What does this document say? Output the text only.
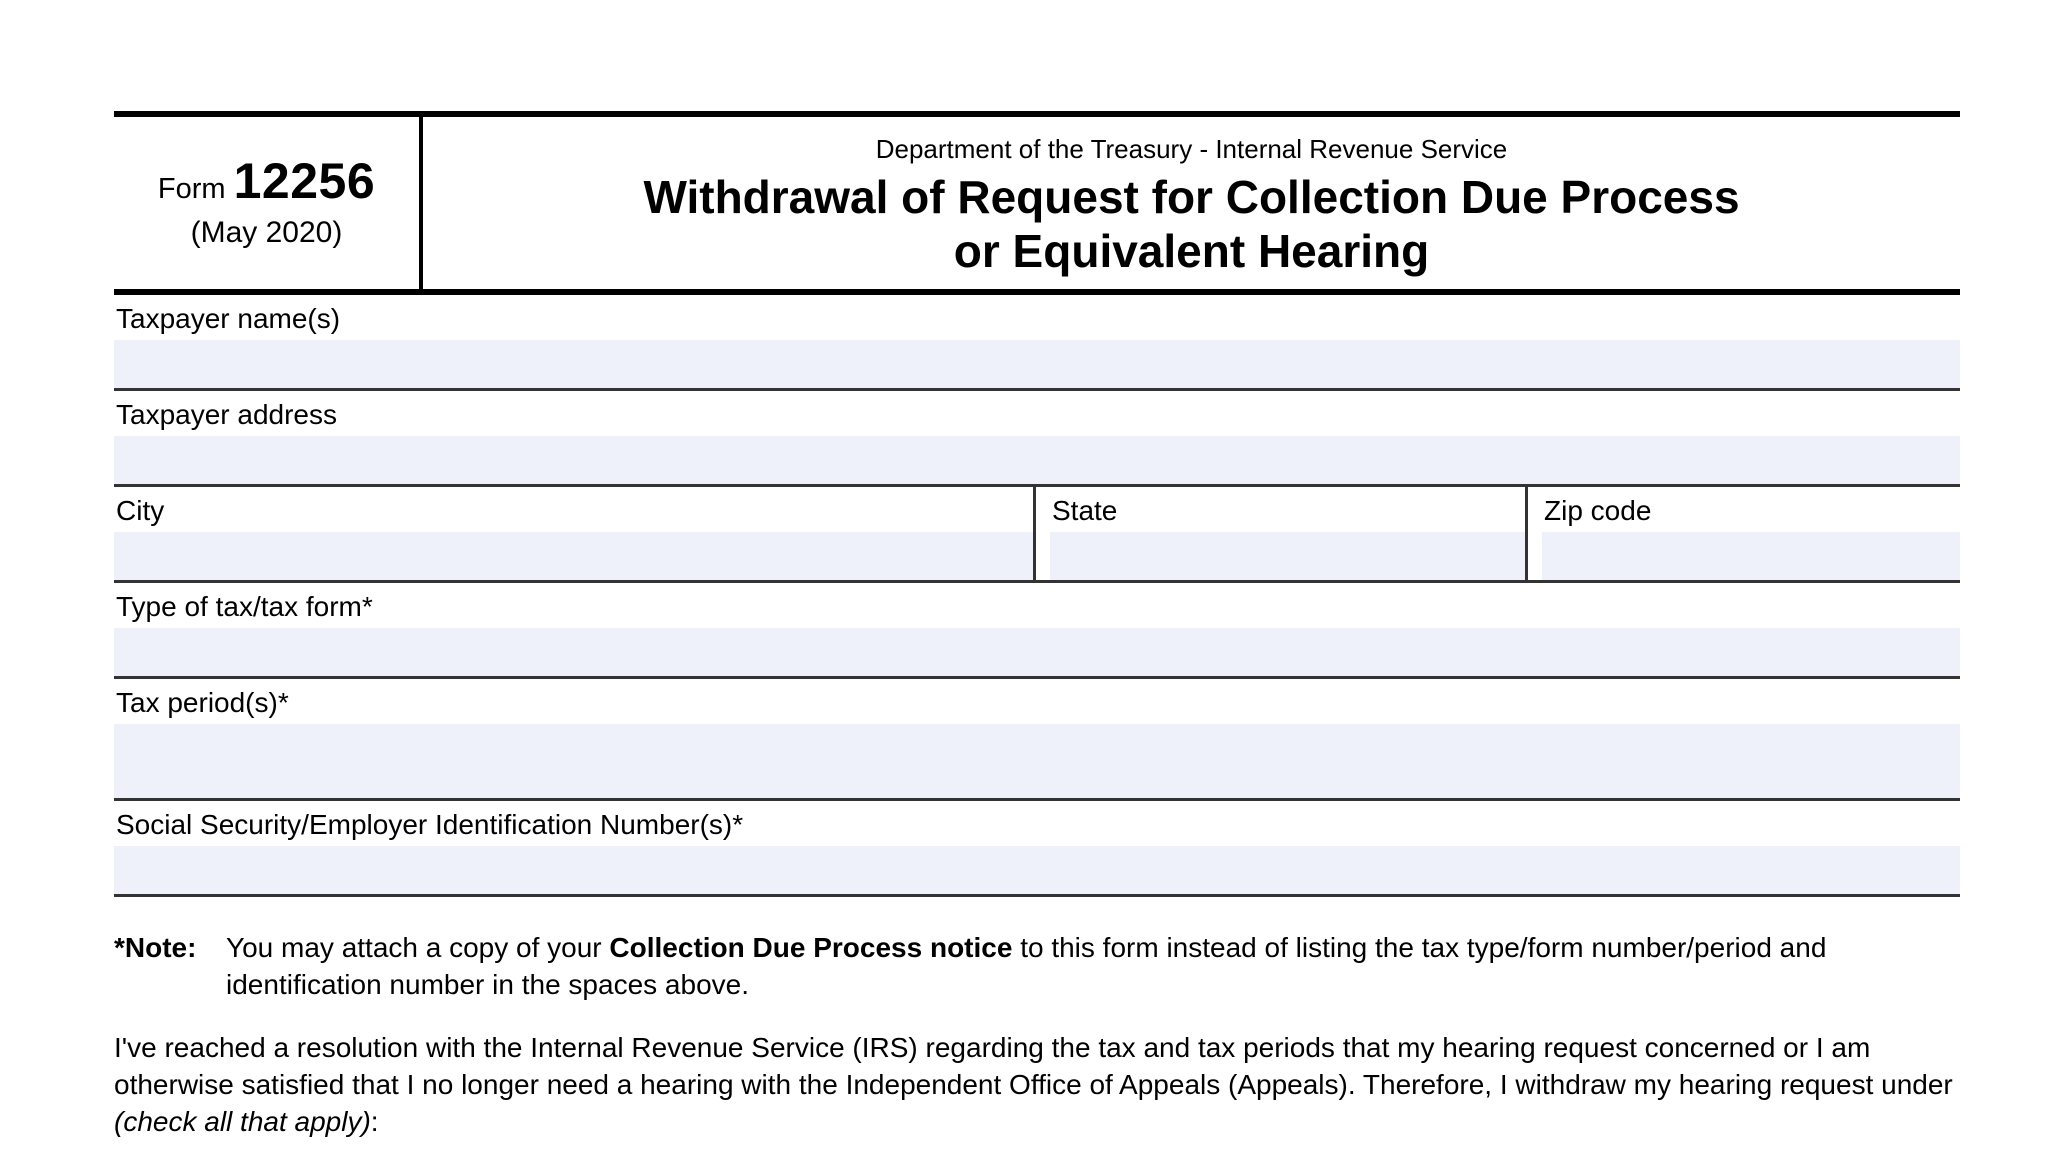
Form 12256
(May 2020)
Department of the Treasury - Internal Revenue Service
Withdrawal of Request for Collection Due Process
or Equivalent Hearing
Taxpayer name(s)
Taxpayer address
City	State	Zip code
Type of tax/tax form*
Tax period(s)*
Social Security/Employer Identification Number(s)*
*Note:	You may attach a copy of your Collection Due Process notice to this form instead of listing the tax type/form number/period and identification number in the spaces above.
I've reached a resolution with the Internal Revenue Service (IRS) regarding the tax and tax periods that my hearing request concerned or I am otherwise satisfied that I no longer need a hearing with the Independent Office of Appeals (Appeals). Therefore, I withdraw my hearing request under (check all that apply):
